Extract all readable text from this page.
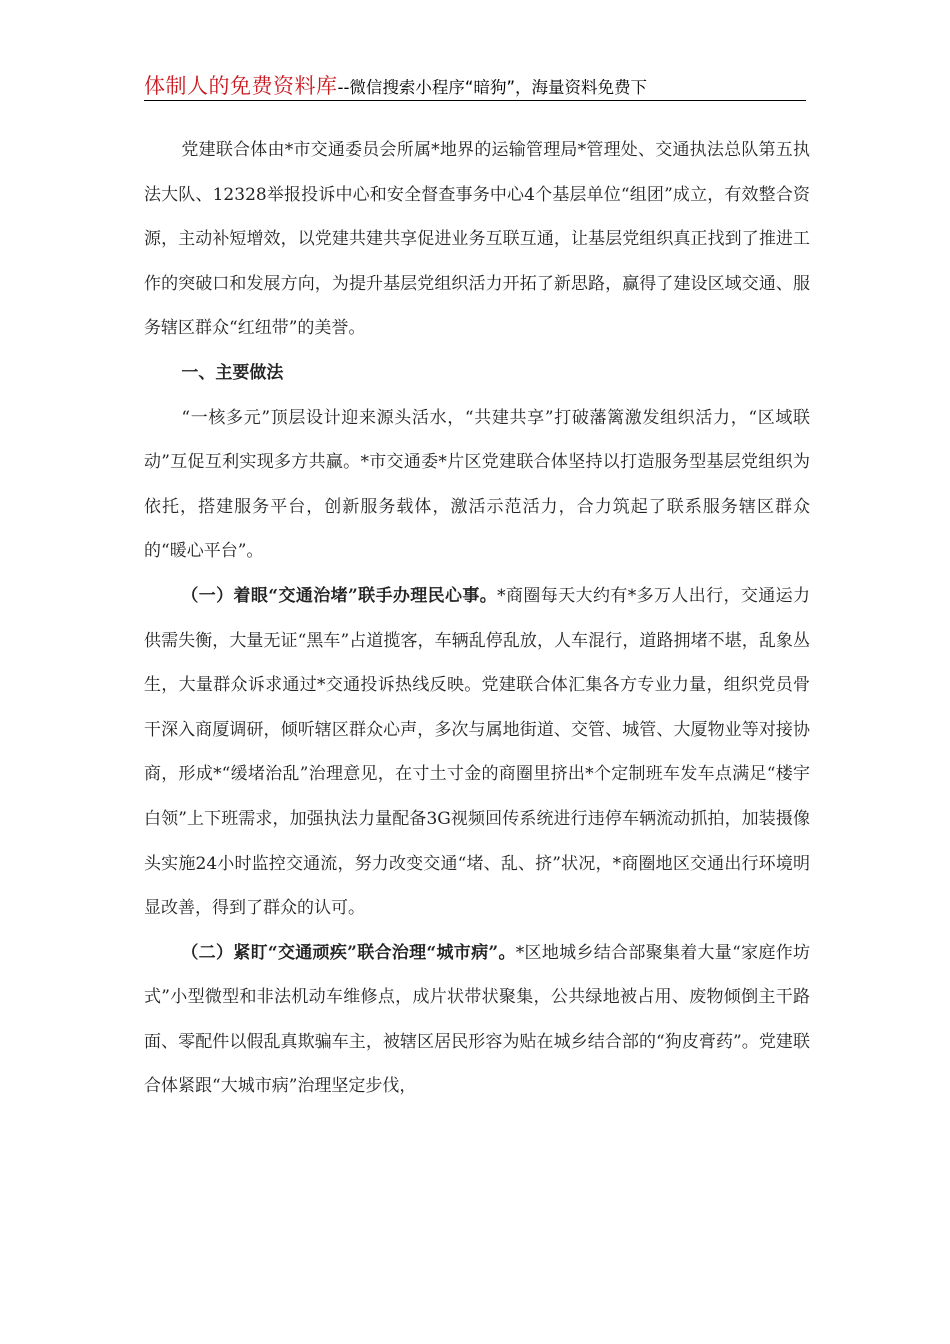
体制人的免费资料库--微信搜索小程序“暗狗”，海量资料免费下

党建联合体由*市交通委员会所属*地界的运输管理局*管理处、交通执法总队第五执法大队、12328举报投诉中心和安全督查事务中心4个基层单位“组团”成立，有效整合资源，主动补短增效，以党建共建共享促进业务互联互通，让基层党组织真正找到了推进工作的突破口和发展方向，为提升基层党组织活力开拓了新思路，赢得了建设区域交通、服务辖区群众“红纽带”的美誉。

一、主要做法

“一核多元”顶层设计迎来源头活水，“共建共享”打破藩篱激发组织活力，“区域联动”互促互利实现多方共赢。*市交通委*片区党建联合体坚持以打造服务型基层党组织为依托，搭建服务平台，创新服务载体，激活示范活力，合力筑起了联系服务辖区群众的“暖心平台”。

（一）着眼“交通治堵”联手办理民心事。*商圈每天大约有*多万人出行，交通运力供需失衡，大量无证“黑车”占道揽客，车辆乱停乱放，人车混行，道路拥堵不堪，乱象丛生，大量群众诉求通过*交通投诉热线反映。党建联合体汇集各方专业力量，组织党员骨干深入商厦调研，倾听辖区群众心声，多次与属地街道、交管、城管、大厦物业等对接协商，形成*“缓堵治乱”治理意见，在寸土寸金的商圈里挤出*个定制班车发车点满足“楼宇白领”上下班需求，加强执法力量配备3G视频回传系统进行违停车辆流动抓拍，加装摄像头实施24小时监控交通流，努力改变交通“堵、乱、挤”状况，*商圈地区交通出行环境明显改善，得到了群众的认可。

（二）紧盯“交通顽疾”联合治理“城市病”。*区地城乡结合部聚集着大量“家庭作坊式”小型微型和非法机动车维修点，成片状带状聚集，公共绿地被占用、废物倾倒主干路面、零配件以假乱真欺骗车主，被辖区居民形容为贴在城乡结合部的“狗皮膏药”。党建联合体紧跟“大城市病”治理坚定步伐，
